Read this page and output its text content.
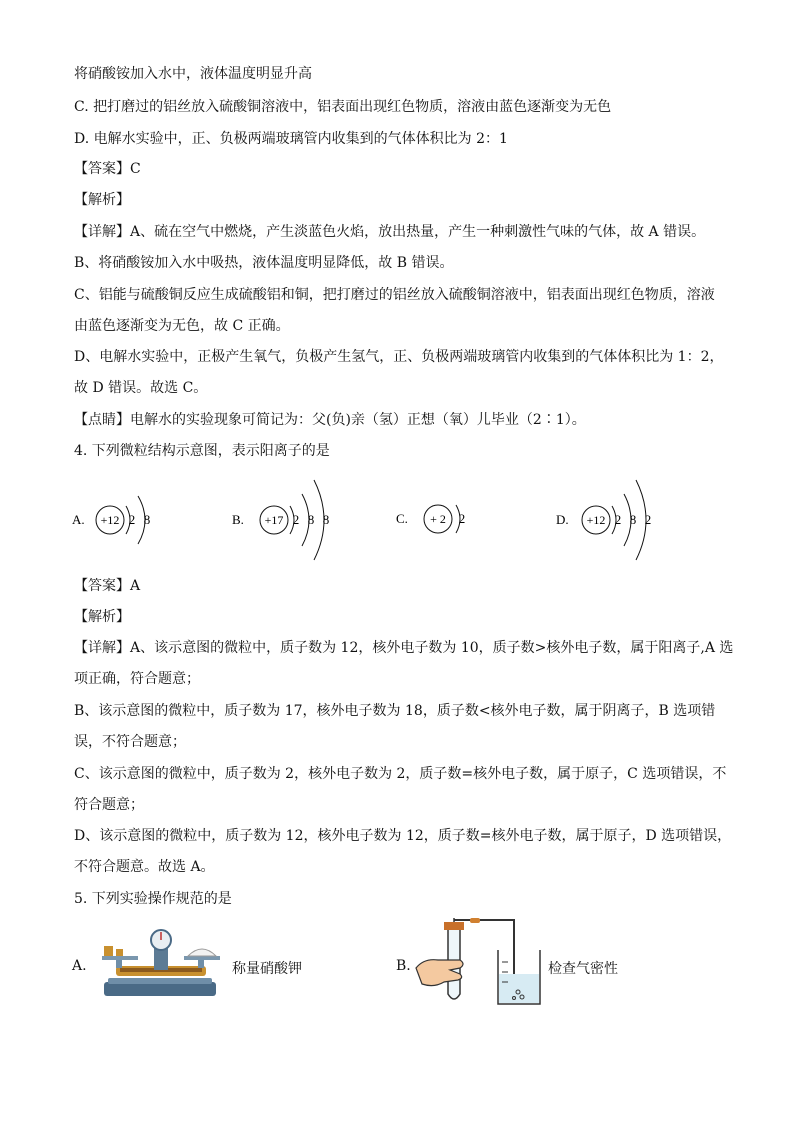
将硝酸铵加入水中，液体温度明显升高
C. 把打磨过的铝丝放入硫酸铜溶液中，铝表面出现红色物质，溶液由蓝色逐渐变为无色
D. 电解水实验中，正、负极两端玻璃管内收集到的气体体积比为 2：1
【答案】C
【解析】
【详解】A、硫在空气中燃烧，产生淡蓝色火焰，放出热量，产生一种刺激性气味的气体，故 A 错误。
B、将硝酸铵加入水中吸热，液体温度明显降低，故 B 错误。
C、铝能与硫酸铜反应生成硫酸铝和铜，把打磨过的铝丝放入硫酸铜溶液中，铝表面出现红色物质，溶液
由蓝色逐渐变为无色，故 C 正确。
D、电解水实验中，正极产生氧气，负极产生氢气，正、负极两端玻璃管内收集到的气体体积比为 1：2，
故 D 错误。故选 C。
【点睛】电解水的实验现象可简记为：父(负)亲（氢）正想（氧）儿毕业（2∶1）。
4. 下列微粒结构示意图，表示阳离子的是
A. +12 2 8	B. +17 2 8 8	C. + 2 2	D. +12 2 8 2
【答案】A
【解析】
【详解】A、该示意图的微粒中，质子数为 12，核外电子数为 10，质子数>核外电子数，属于阳离子,A 选
项正确，符合题意；
B、该示意图的微粒中，质子数为 17，核外电子数为 18，质子数<核外电子数，属于阴离子，B 选项错
误，不符合题意；
C、该示意图的微粒中，质子数为 2，核外电子数为 2，质子数=核外电子数，属于原子，C 选项错误，不
符合题意；
D、该示意图的微粒中，质子数为 12，核外电子数为 12，质子数=核外电子数，属于原子，D 选项错误，
不符合题意。故选 A。
5. 下列实验操作规范的是
A.	称量硝酸钾	B.	检查气密性
